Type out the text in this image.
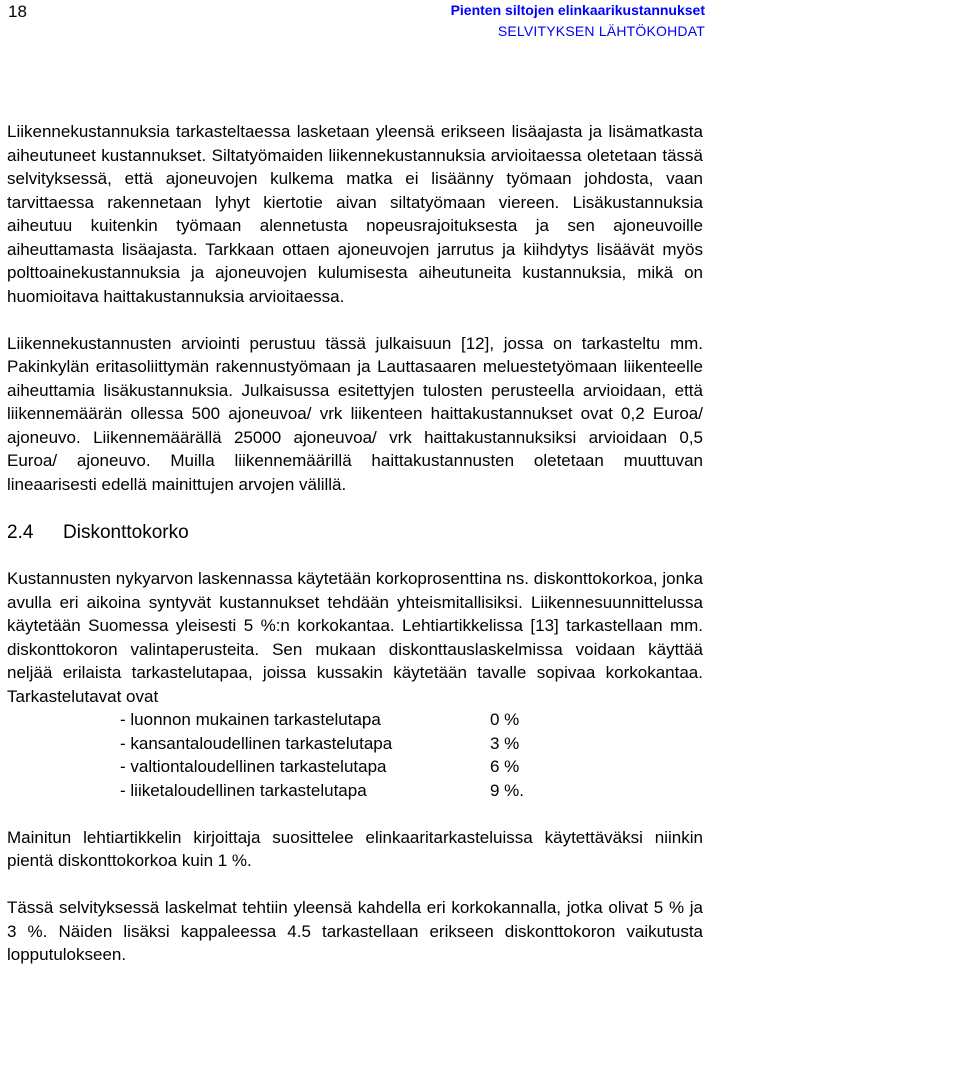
18	Pienten siltojen elinkaarikustannukset
SELVITYKSEN LÄHTÖKOHDAT

Liikennekustannuksia tarkasteltaessa lasketaan yleensä erikseen lisäajasta ja lisämatkasta aiheutuneet kustannukset. Siltatyömaiden liikennekustannuksia arvioitaessa oletetaan tässä selvityksessä, että ajoneuvojen kulkema matka ei lisäänny työmaan johdosta, vaan tarvittaessa rakennetaan lyhyt kiertotie aivan siltatyömaan viereen. Lisäkustannuksia aiheutuu kuitenkin työmaan alennetusta nopeusrajoituksesta ja sen ajoneuvoille aiheuttamasta lisäajasta. Tarkkaan ottaen ajoneuvojen jarrutus ja kiihdytys lisäävät myös polttoainekustannuksia ja ajoneuvojen kulumisesta aiheutuneita kustannuksia, mikä on huomioitava haittakustannuksia arvioitaessa.

Liikennekustannusten arviointi perustuu tässä julkaisuun [12], jossa on tarkasteltu mm. Pakinkylän eritasoliittymän rakennustyömaan ja Lauttasaaren meluestetyömaan liikenteelle aiheuttamia lisäkustannuksia. Julkaisussa esitettyjen tulosten perusteella arvioidaan, että liikennemäärän ollessa 500 ajoneuvoa/ vrk liikenteen haittakustannukset ovat 0,2 Euroa/ ajoneuvo. Liikennemäärällä 25000 ajoneuvoa/ vrk haittakustannuksiksi arvioidaan 0,5 Euroa/ ajoneuvo. Muilla liikennemäärillä haittakustannusten oletetaan muuttuvan lineaarisesti edellä mainittujen arvojen välillä.

2.4	Diskonttokorko

Kustannusten nykyarvon laskennassa käytetään korkoprosenttina ns. diskonttokorkoa, jonka avulla eri aikoina syntyvät kustannukset tehdään yhteismitallisiksi. Liikennesuunnittelussa käytetään Suomessa yleisesti 5 %:n korkokantaa. Lehtiartikkelissa [13] tarkastellaan mm. diskonttokoron valintaperusteita. Sen mukaan diskonttauslaskelmissa voidaan käyttää neljää erilaista tarkastelutapaa, joissa kussakin käytetään tavalle sopivaa korkokantaa. Tarkastelutavat ovat

- luonnon mukainen tarkastelutapa	0 %
- kansantaloudellinen tarkastelutapa	3 %
- valtiontaloudellinen tarkastelutapa	6 %
- liiketaloudellinen tarkastelutapa	9 %.

Mainitun lehtiartikkelin kirjoittaja suosittelee elinkaaritarkasteluissa käytettäväksi niinkin pientä diskonttokorkoa kuin 1 %.

Tässä selvityksessä laskelmat tehtiin yleensä kahdella eri korkokannalla, jotka olivat 5 % ja 3 %. Näiden lisäksi kappaleessa 4.5 tarkastellaan erikseen diskonttokoron vaikutusta lopputulokseen.
